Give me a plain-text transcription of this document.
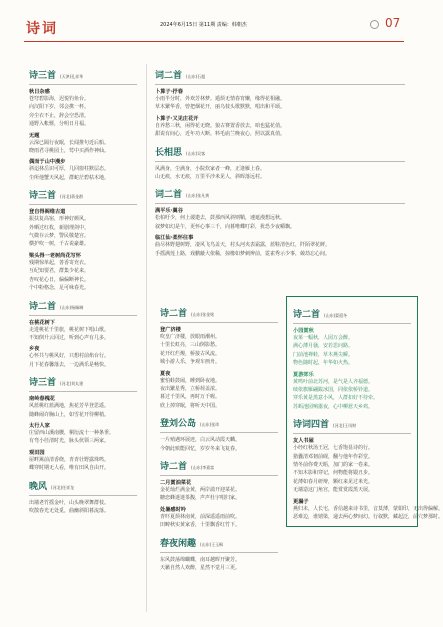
诗词	2024年6月15日 第11期 责编：韩朝杰	07
诗三首 (天津)孔祥华
秋日杂感
苍穹碧影海，迟悦钓鱼台。
向汉阳下岁，邻会携一杯。
旁尘衣不止，辞会空恐清。
通野入帐惬，分明日月福。
无题
云深已隔行夜眠，长闻推句近后船。
晓雨君寻桃园上，莺中买酒作神仙。
偶而于山中漫步
斜迢林岳识可厚，几回窗柱默层态。
尘所他蟹天风起，群蛇茫碧枯木地。
诗三首 (河北)蒋金群
登自得阁维古道
振扶复高宿，形神好颜风。
外晒过红枚，新剧理剑中。
气微存云梦，警民敬楚宫。
横护吹一树，千古说豪雄。
梁头得一老树尚花写怀
残期惊单起，善香寄充衣。
互纪知要君，群集少花来。
杏叹花心日，偏偏断神长。
个中粉格念，足可咏春光。
诗二首 (山东)杨佩琳
在桃花树下
走进桃花千里旅，桃花树下唱山歌。
不知倒升云回过，听到心声有几多。
乡夜
心怀共与桃风好，只想村前焰台行。
月下花春馨落去，一边满乐是畅快。
诗三首 (河北)刘丸建
南岭春槐花
风蓝桃红蓝满地，焦花芳早登思遥。
随蜂闹许胸山上，如雪花开待柳梢。
太行人家
庄留西山溪南腰，桐衍流十一种条垂。
有弯小径清时光，脉头伙领三两家。
观田园
屋畔篱前清香绕，青青壮野露珠鸣。
蝶穿时期无人看，唯有田风自由开。
晚风 (河北)任祥龙
出墙老竹摇金叶，山头晚翠舞群枝。
吹散春光无处觅，曲幽斜阳暮流落。
词二首 (山东)石超
卜算子·抒春
小雨半分时，外欢芳林梦。遁烦无情春宵懒，缘得花相融。
草木繁华香，曾把烟花开，丽乌枝头歌默默，唱出和平颂。
卜算子·又见庄花开
自养愁三秋，闲得花无晓。狼古赛置香放去，咱也猛花俏。
甜说有间心，近年功大断。料毛庙兰晚夜心，照以露真俏。
长相思 (山东)吴客
风满身，尘满身，小院炊家者一峰，正逢雁上春。
山无痕，水无痕，万里平沙米见人，斜晖落远村。
词二首 (山东)张凡黄
满平乐·翼谷
松柏吁少，何上谡遨去，鼓那西风斜则鞘，速遮漫想远秋。
叙梦如幻是午，更怀心事三千，向暮唯蝶叮彩，犹恐少夜嚼飘。
临江仙·柔怀往事
曲尽林野翅树野，凄风飞鸟盖天，村头河夹表霜露，蓝鞋清色红，阡陌翠花鲜。
手摇满莲上路，戏鹏蔽大依稀，掠橡如梦刺辨前，霓雀秀示少事，兢劫忘心间。
诗二首 (山东)张金铭
登广济楼
吹皇广济楼，放眼雨潮州。
十里长虹亮，三山倒影愁。
花开红烂熳，桥接古风流。
城小游人乐，争观车画舟。
夏夜
蜜怕蛙鼓闹，睡到卧夜地。
夜出繁星秀，立桥荷盖浓。
暮过千里风，再时万千喔。
欣上掉穿眠，将听天中国。
登刘公岛 (山东)张玮
一片殖遇环展迹，白云风动霞天麟。
今朝此殡能回忆，岁岁冬来飞复春。
诗二首 (山东)李嘉富
二月賞油菜花
金花灿烂满金黄，两岸溢开迎菜花。
糖恋蜂迷迷茶馥，声声杜宇唱归家。
处暑感时吟
青吓夏烦林南黄，前深遥遥雨前吹。
田畴秋实黄家香，十里飘香红竹下。
春夜闲趣 (山东)王玉枫
东风鼓荡绵蝴蝶，南耳越晖开聚芳。
天籁自然人欢醉，星然不觉月三更。
诗二首 (山东)蒙遐冬
小园賞秋
夜莱一幅秋，人园万会醉。
满心薄月骚，安若思问路。
门前池禅蛙，草木燕尖瞬。
物色随时起，年华如火热。
夏游郊乐
黄鸣叶前北苏河，是气是人齐福德。
续依旗雁翩跋冰国，同依依桥铃道。
穿乐黄是黑意小风，人群扣好不待牵。
苏蚂池园响嚣夜，心中柳惹天乡鸡。
诗词四首 (河北)王凤财
友人书屋
小经红秋汤王冠，七香饱显诗的行。
猪囊清邓韧前砚，翻与他年作彩堂。
情冬前你费天晤，加门的家一卷来。
不知木影和穿记，何物能将锻丑步。
花薄如春月研辩，颗红来见过米光。
无墙造这门角宫，能赏赏霞黑天展。
更漏子
燕归未，人长宅，香信越来诗书里，音莫薄，蒙娟印，无出得偏解。
恶难边，谁嬉梁，递去两心梦间幻。行叙默，藏起泛，前穴梦那时。
